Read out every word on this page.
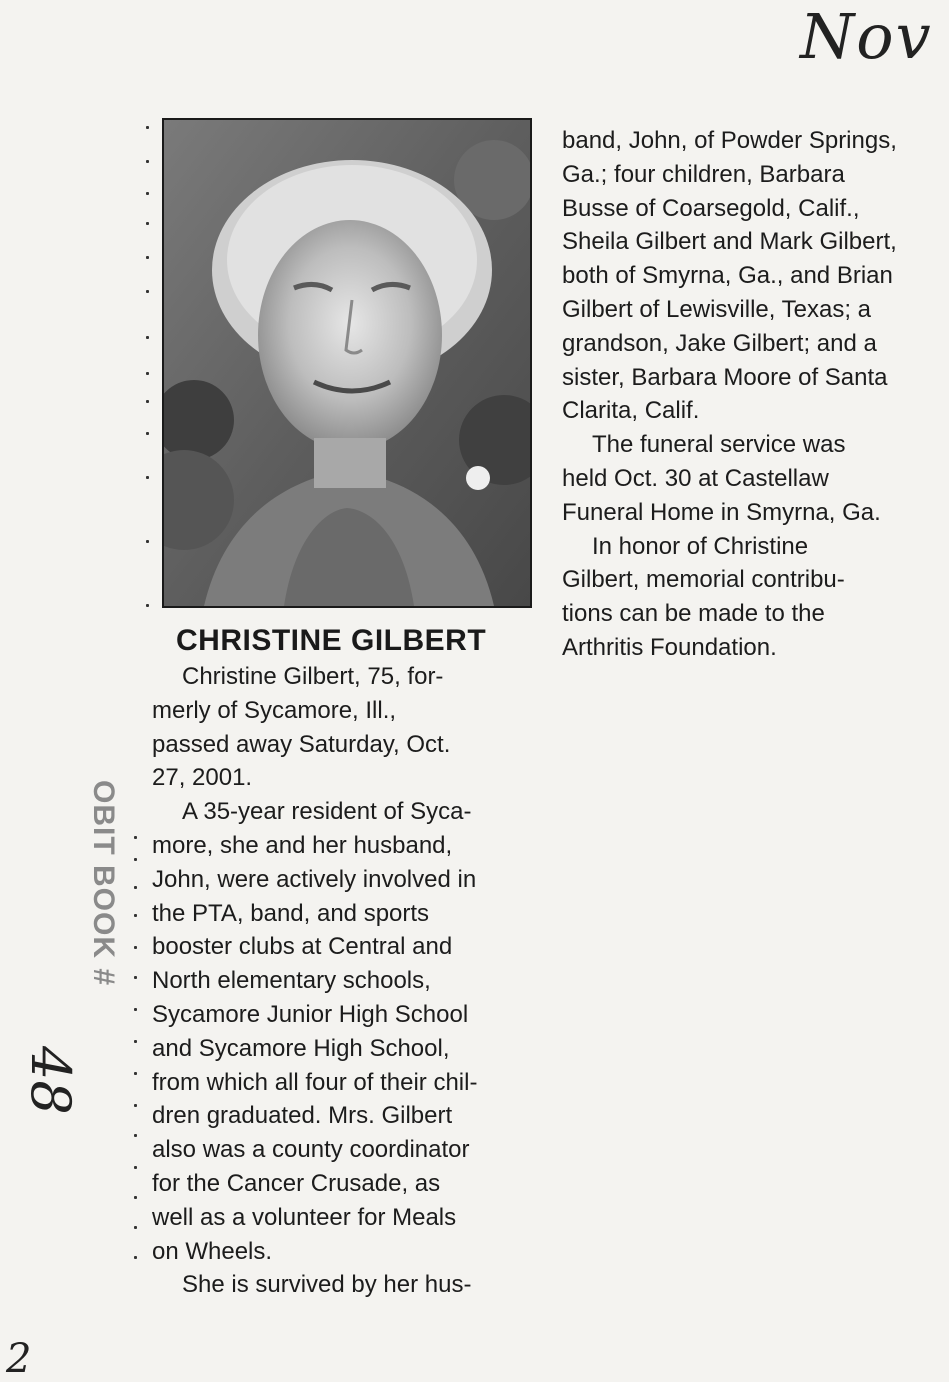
Nov
OBIT BOOK #
48
2
CHRISTINE GILBERT

Christine Gilbert, 75, for-

merly of Sycamore, Ill.,

passed away Saturday, Oct.

27, 2001.

A 35-year resident of Syca-

more, she and her husband,

John, were actively involved in

the PTA, band, and sports

booster clubs at Central and

North elementary schools,

Sycamore Junior High School

and Sycamore High School,

from which all four of their chil-

dren graduated. Mrs. Gilbert

also was a county coordinator

for the Cancer Crusade, as

well as a volunteer for Meals

on Wheels.

She is survived by her hus-

band, John, of Powder Springs,

Ga.; four children, Barbara

Busse of Coarsegold, Calif.,

Sheila Gilbert and Mark Gilbert,

both of Smyrna, Ga., and Brian

Gilbert of Lewisville, Texas; a

grandson, Jake Gilbert; and a

sister, Barbara Moore of Santa

Clarita, Calif.

The funeral service was

held Oct. 30 at Castellaw

Funeral Home in Smyrna, Ga.

In honor of Christine

Gilbert, memorial contribu-

tions can be made to the

Arthritis Foundation.
